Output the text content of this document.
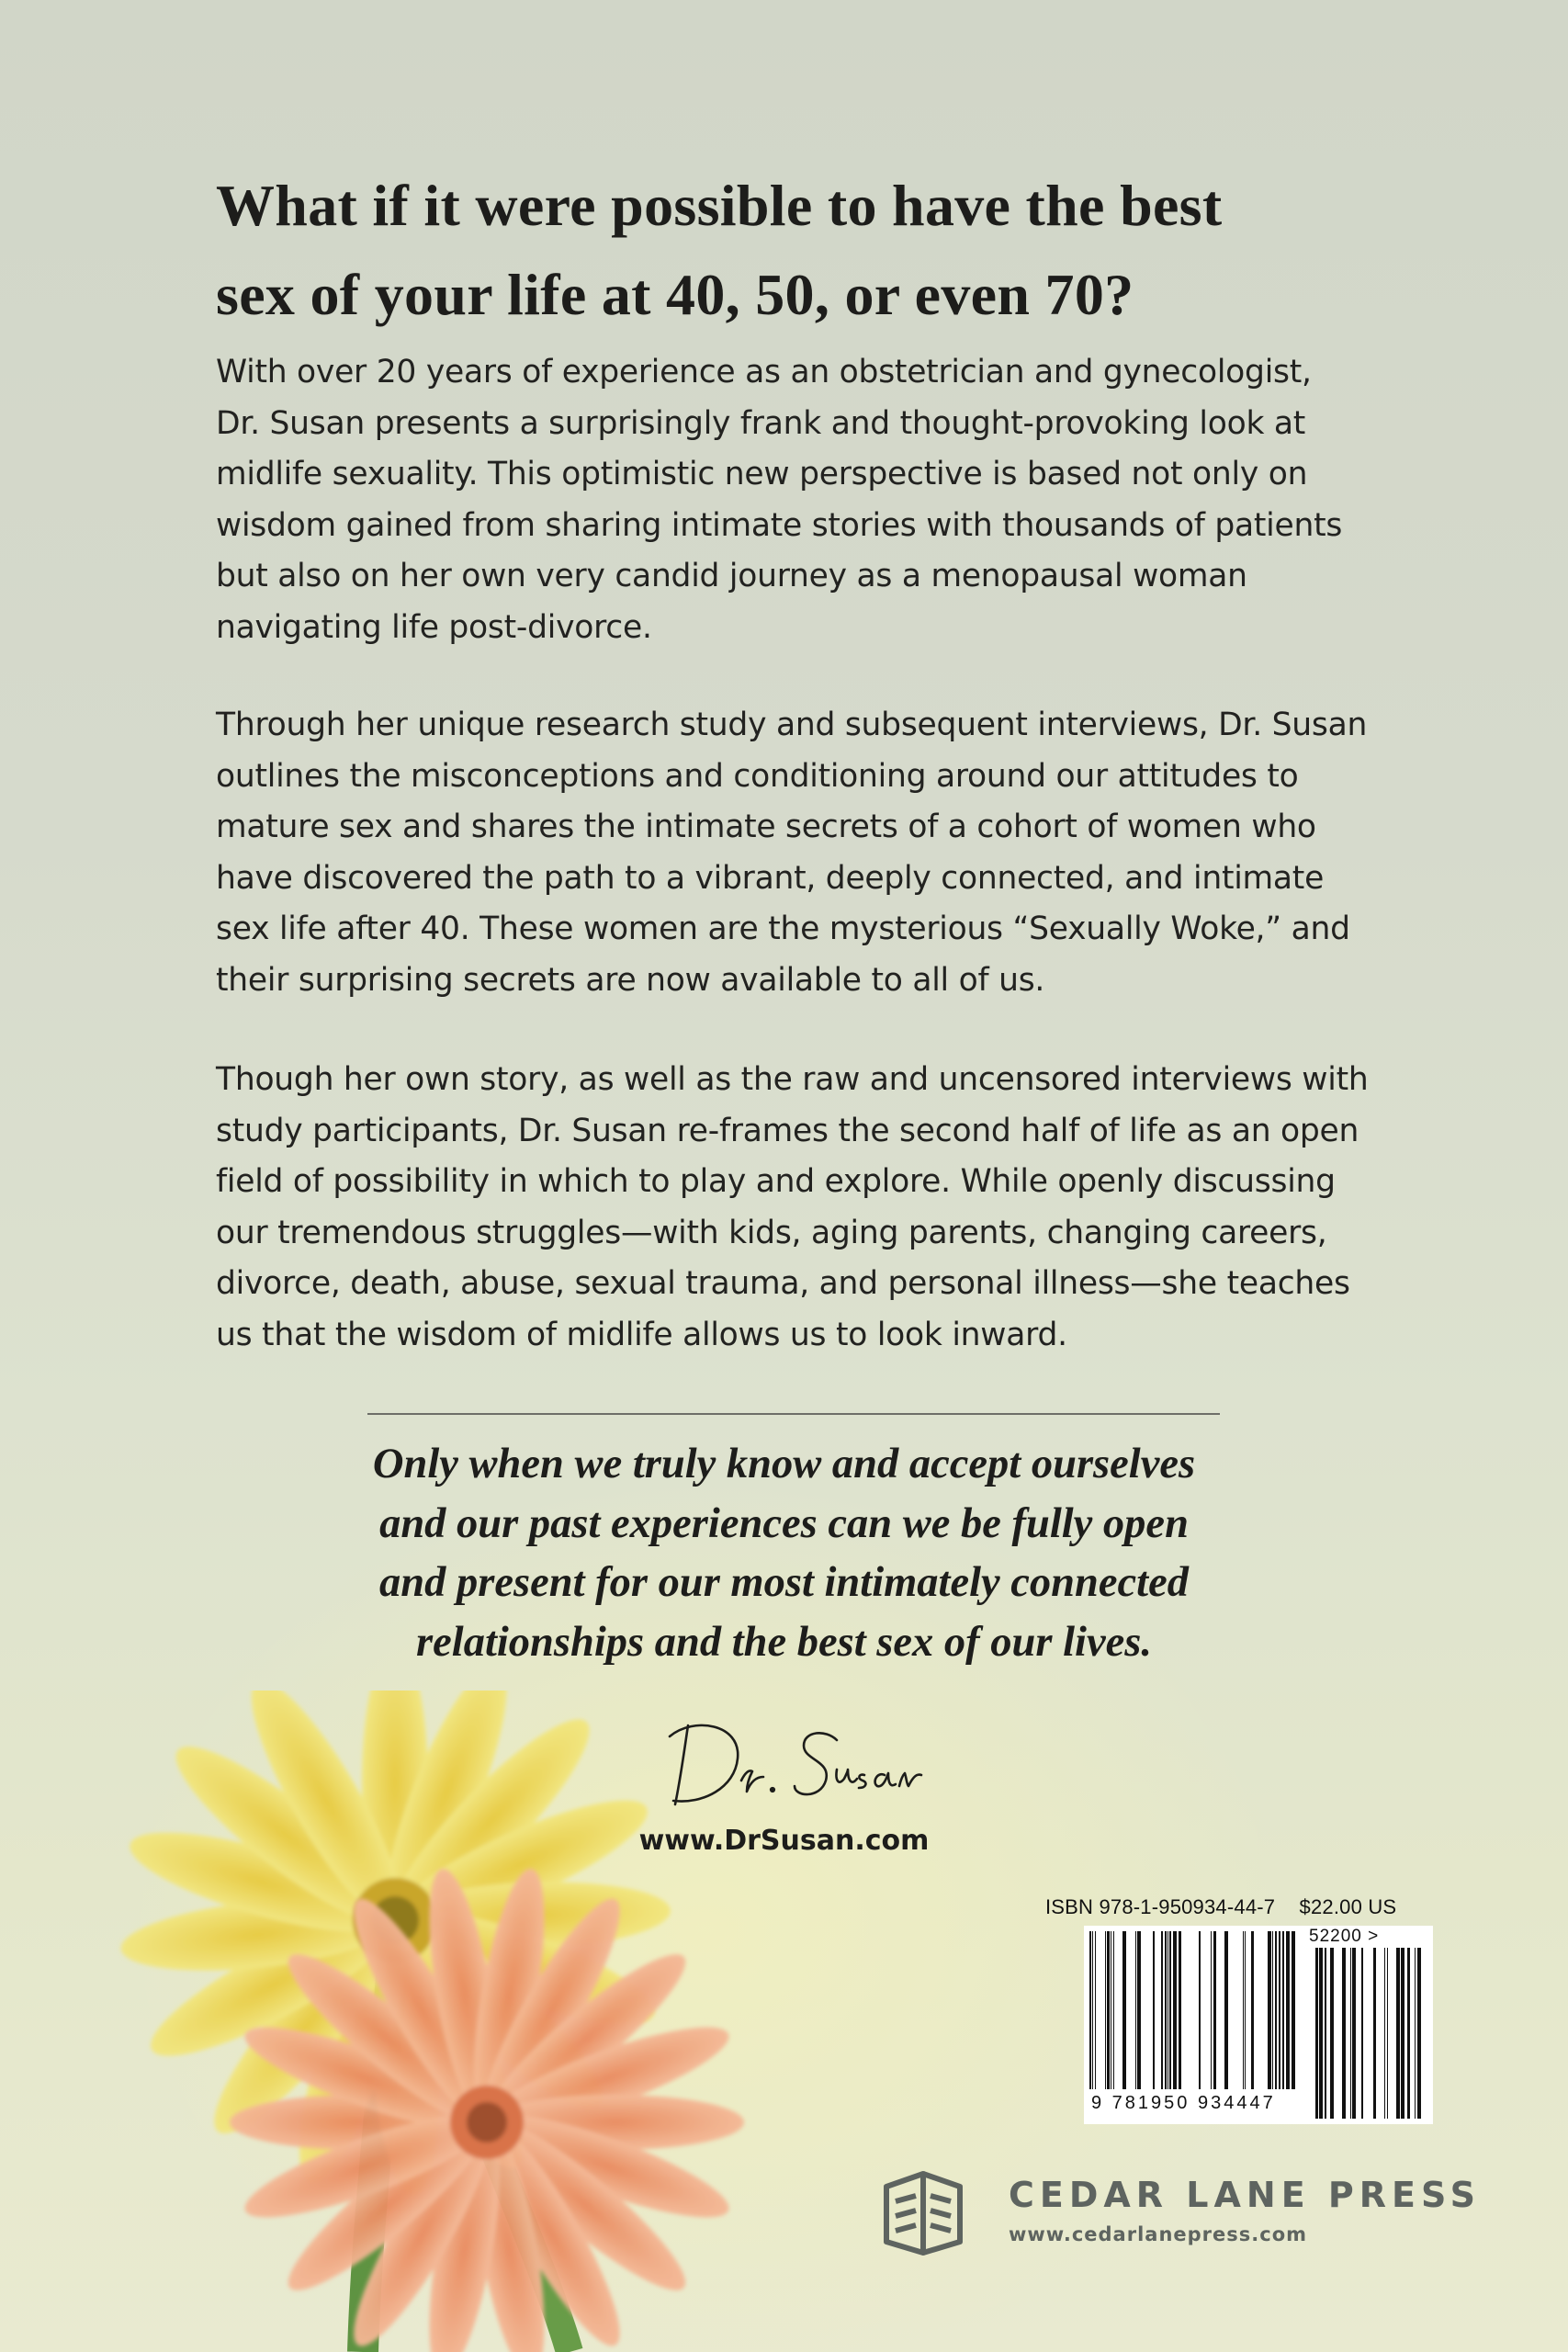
What if it were possible to have the best
sex of your life at 40, 50, or even 70?

With over 20 years of experience as an obstetrician and gynecologist,
Dr. Susan presents a surprisingly frank and thought-provoking look at
midlife sexuality. This optimistic new perspective is based not only on
wisdom gained from sharing intimate stories with thousands of patients
but also on her own very candid journey as a menopausal woman
navigating life post-divorce.

Through her unique research study and subsequent interviews, Dr. Susan
outlines the misconceptions and conditioning around our attitudes to
mature sex and shares the intimate secrets of a cohort of women who
have discovered the path to a vibrant, deeply connected, and intimate
sex life after 40. These women are the mysterious “Sexually Woke,” and
their surprising secrets are now available to all of us.

Though her own story, as well as the raw and uncensored interviews with
study participants, Dr. Susan re-frames the second half of life as an open
field of possibility in which to play and explore. While openly discussing
our tremendous struggles—with kids, aging parents, changing careers,
divorce, death, abuse, sexual trauma, and personal illness—she teaches
us that the wisdom of midlife allows us to look inward.

Only when we truly know and accept ourselves
and our past experiences can we be fully open
and present for our most intimately connected
relationships and the best sex of our lives.

www.DrSusan.com
ISBN 978-1-950934-44-7 $22.00 US
52200 >
9 781950 934447
CEDAR LANE PRESS
www.cedarlanepress.com
